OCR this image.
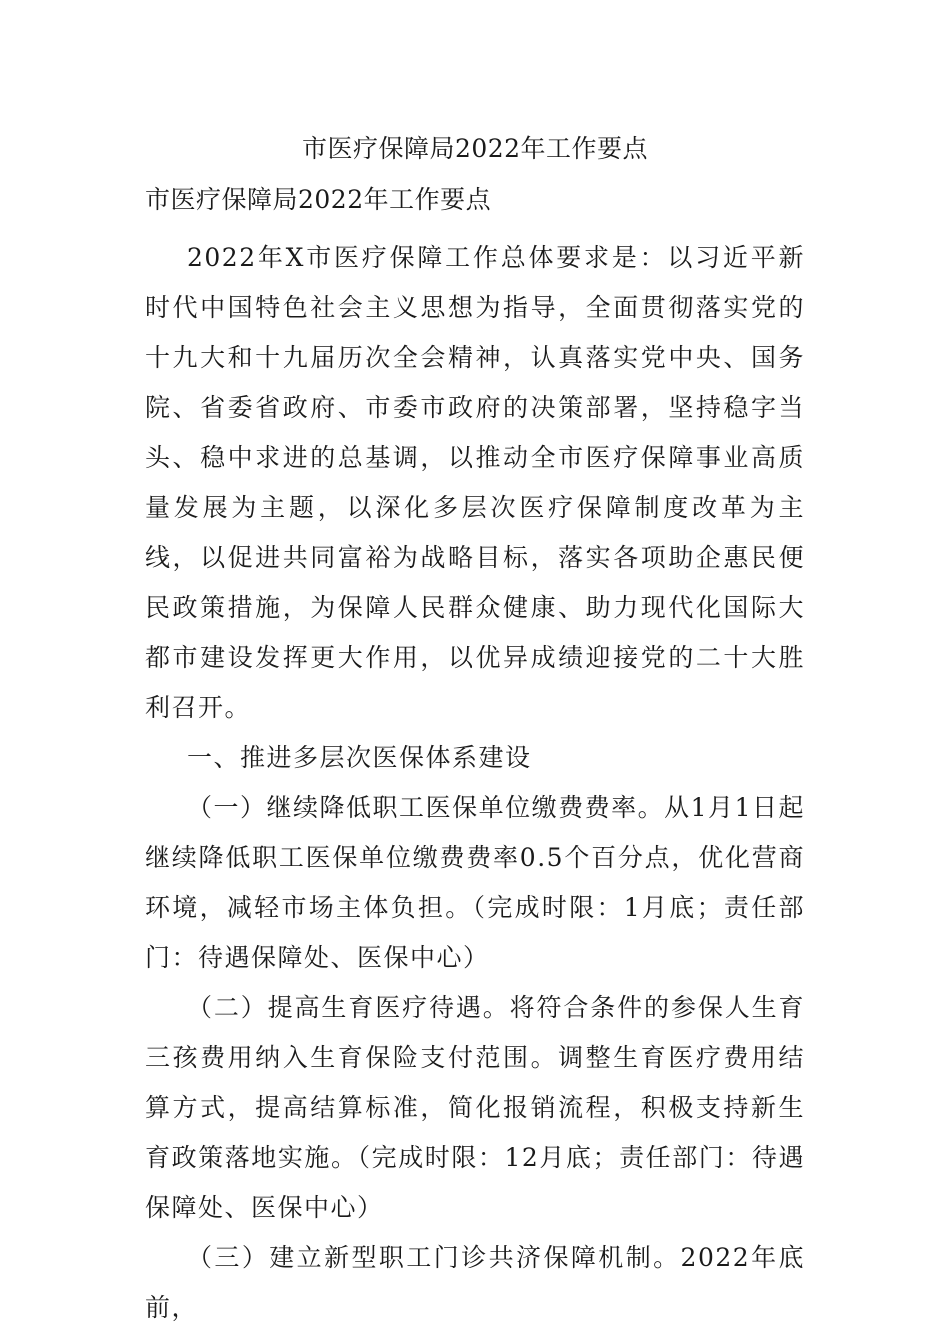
市医疗保障局2022年工作要点
市医疗保障局2022年工作要点

2022年X市医疗保障工作总体要求是：以习近平新时代中国特色社会主义思想为指导，全面贯彻落实党的十九大和十九届历次全会精神，认真落实党中央、国务院、省委省政府、市委市政府的决策部署，坚持稳字当头、稳中求进的总基调，以推动全市医疗保障事业高质量发展为主题，以深化多层次医疗保障制度改革为主线，以促进共同富裕为战略目标，落实各项助企惠民便民政策措施，为保障人民群众健康、助力现代化国际大都市建设发挥更大作用，以优异成绩迎接党的二十大胜利召开。

一、推进多层次医保体系建设

（一）继续降低职工医保单位缴费费率。从1月1日起继续降低职工医保单位缴费费率0.5个百分点，优化营商环境，减轻市场主体负担。（完成时限：1月底；责任部门：待遇保障处、医保中心）

（二）提高生育医疗待遇。将符合条件的参保人生育三孩费用纳入生育保险支付范围。调整生育医疗费用结算方式，提高结算标准，简化报销流程，积极支持新生育政策落地实施。（完成时限：12月底；责任部门：待遇保障处、医保中心）

（三）建立新型职工门诊共济保障机制。2022年底前，
